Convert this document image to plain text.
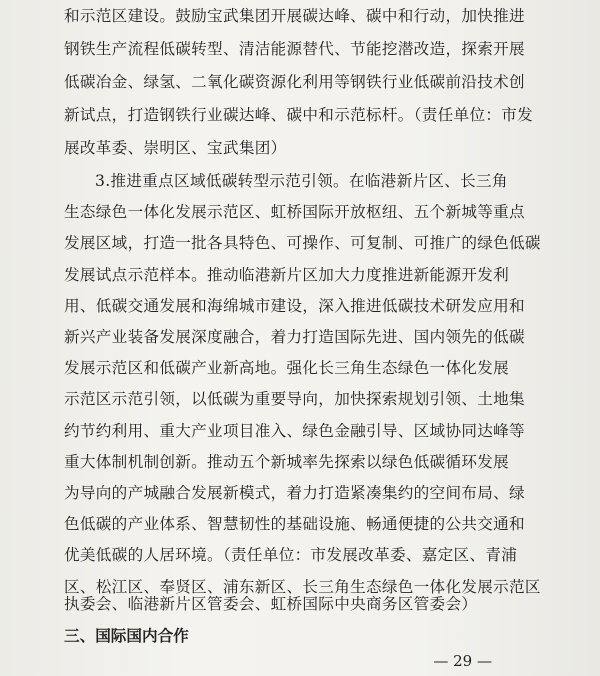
和示范区建设。鼓励宝武集团开展碳达峰、碳中和行动，加快推进
钢铁生产流程低碳转型、清洁能源替代、节能挖潜改造，探索开展
低碳冶金、绿氢、二氧化碳资源化利用等钢铁行业低碳前沿技术创
新试点，打造钢铁行业碳达峰、碳中和示范标杆。（责任单位：市发
展改革委、崇明区、宝武集团）
3.推进重点区域低碳转型示范引领。在临港新片区、长三角
生态绿色一体化发展示范区、虹桥国际开放枢纽、五个新城等重点
发展区域，打造一批各具特色、可操作、可复制、可推广的绿色低碳
发展试点示范样本。推动临港新片区加大力度推进新能源开发利
用、低碳交通发展和海绵城市建设，深入推进低碳技术研发应用和
新兴产业装备发展深度融合，着力打造国际先进、国内领先的低碳
发展示范区和低碳产业新高地。强化长三角生态绿色一体化发展
示范区示范引领，以低碳为重要导向，加快探索规划引领、土地集
约节约利用、重大产业项目准入、绿色金融引导、区域协同达峰等
重大体制机制创新。推动五个新城率先探索以绿色低碳循环发展
为导向的产城融合发展新模式，着力打造紧凑集约的空间布局、绿
色低碳的产业体系、智慧韧性的基础设施、畅通便捷的公共交通和
优美低碳的人居环境。（责任单位：市发展改革委、嘉定区、青浦
区、松江区、奉贤区、浦东新区、长三角生态绿色一体化发展示范区
三、国际国内合作
— 29 —
执委会、临港新片区管委会、虹桥国际中央商务区管委会）
